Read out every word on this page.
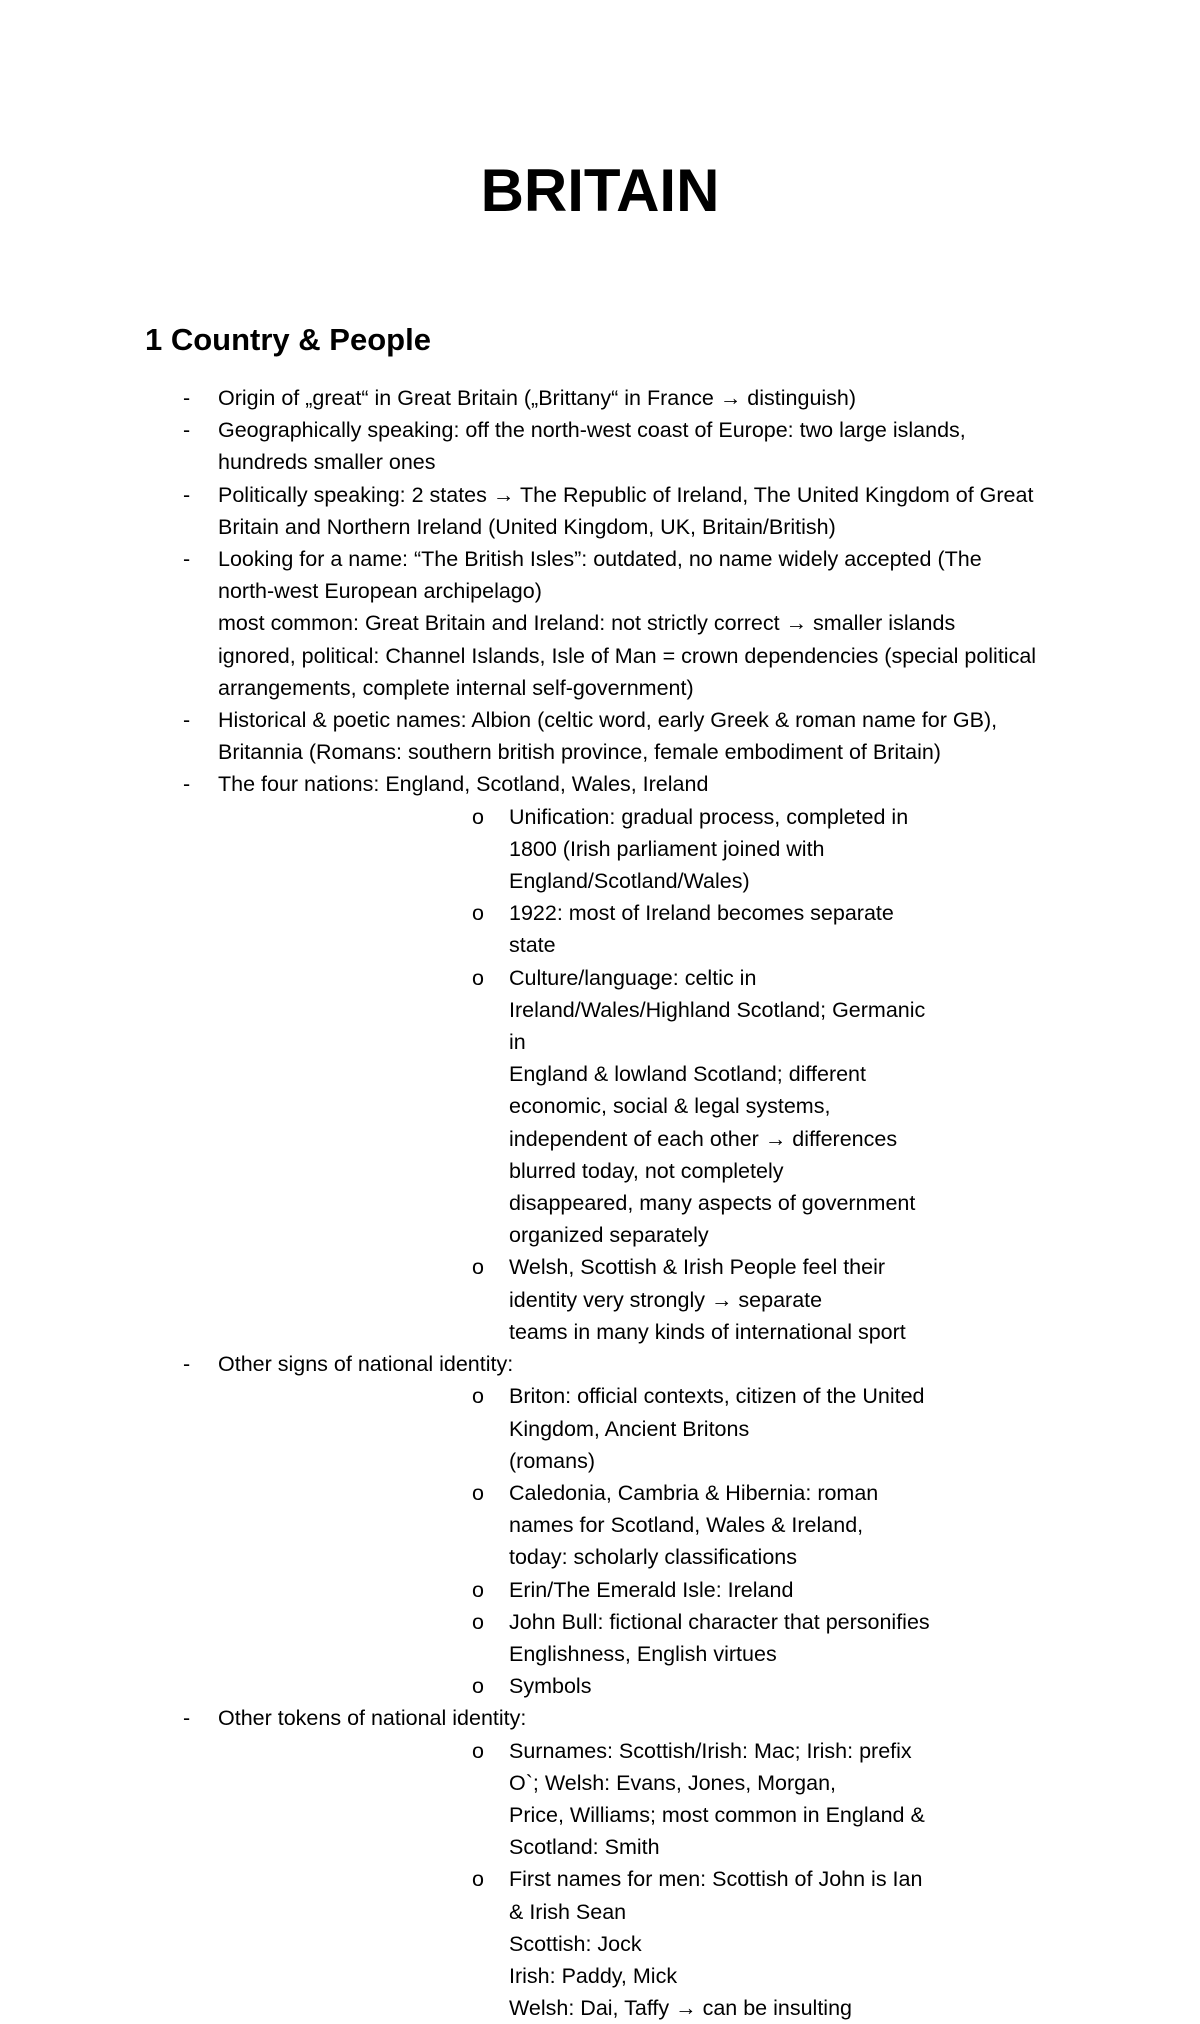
BRITAIN
1 Country & People
- Origin of „great“ in Great Britain („Brittany“ in France → distinguish)
- Geographically speaking: off the north-west coast of Europe: two large islands,
hundreds smaller ones
- Politically speaking: 2 states → The Republic of Ireland, The United Kingdom of Great
Britain and Northern Ireland (United Kingdom, UK, Britain/British)
- Looking for a name: “The British Isles”: outdated, no name widely accepted (The
north-west European archipelago)
most common: Great Britain and Ireland: not strictly correct → smaller islands
ignored, political: Channel Islands, Isle of Man = crown dependencies (special political
arrangements, complete internal self-government)
- Historical & poetic names: Albion (celtic word, early Greek & roman name for GB),
Britannia (Romans: southern british province, female embodiment of Britain)
- The four nations: England, Scotland, Wales, Ireland
o Unification: gradual process, completed in 1800 (Irish parliament joined with
England/Scotland/Wales)
o 1922: most of Ireland becomes separate state
o Culture/language: celtic in Ireland/Wales/Highland Scotland; Germanic in
England & lowland Scotland; different economic, social & legal systems,
independent of each other → differences blurred today, not completely
disappeared, many aspects of government organized separately
o Welsh, Scottish & Irish People feel their identity very strongly → separate
teams in many kinds of international sport
- Other signs of national identity:
o Briton: official contexts, citizen of the United Kingdom, Ancient Britons
(romans)
o Caledonia, Cambria & Hibernia: roman names for Scotland, Wales & Ireland,
today: scholarly classifications
o Erin/The Emerald Isle: Ireland
o John Bull: fictional character that personifies Englishness, English virtues
o Symbols
- Other tokens of national identity:
o Surnames: Scottish/Irish: Mac; Irish: prefix O`; Welsh: Evans, Jones, Morgan,
Price, Williams; most common in England & Scotland: Smith
o First names for men: Scottish of John is Ian & Irish Sean
Scottish: Jock
Irish: Paddy, Mick
Welsh: Dai, Taffy → can be insulting
